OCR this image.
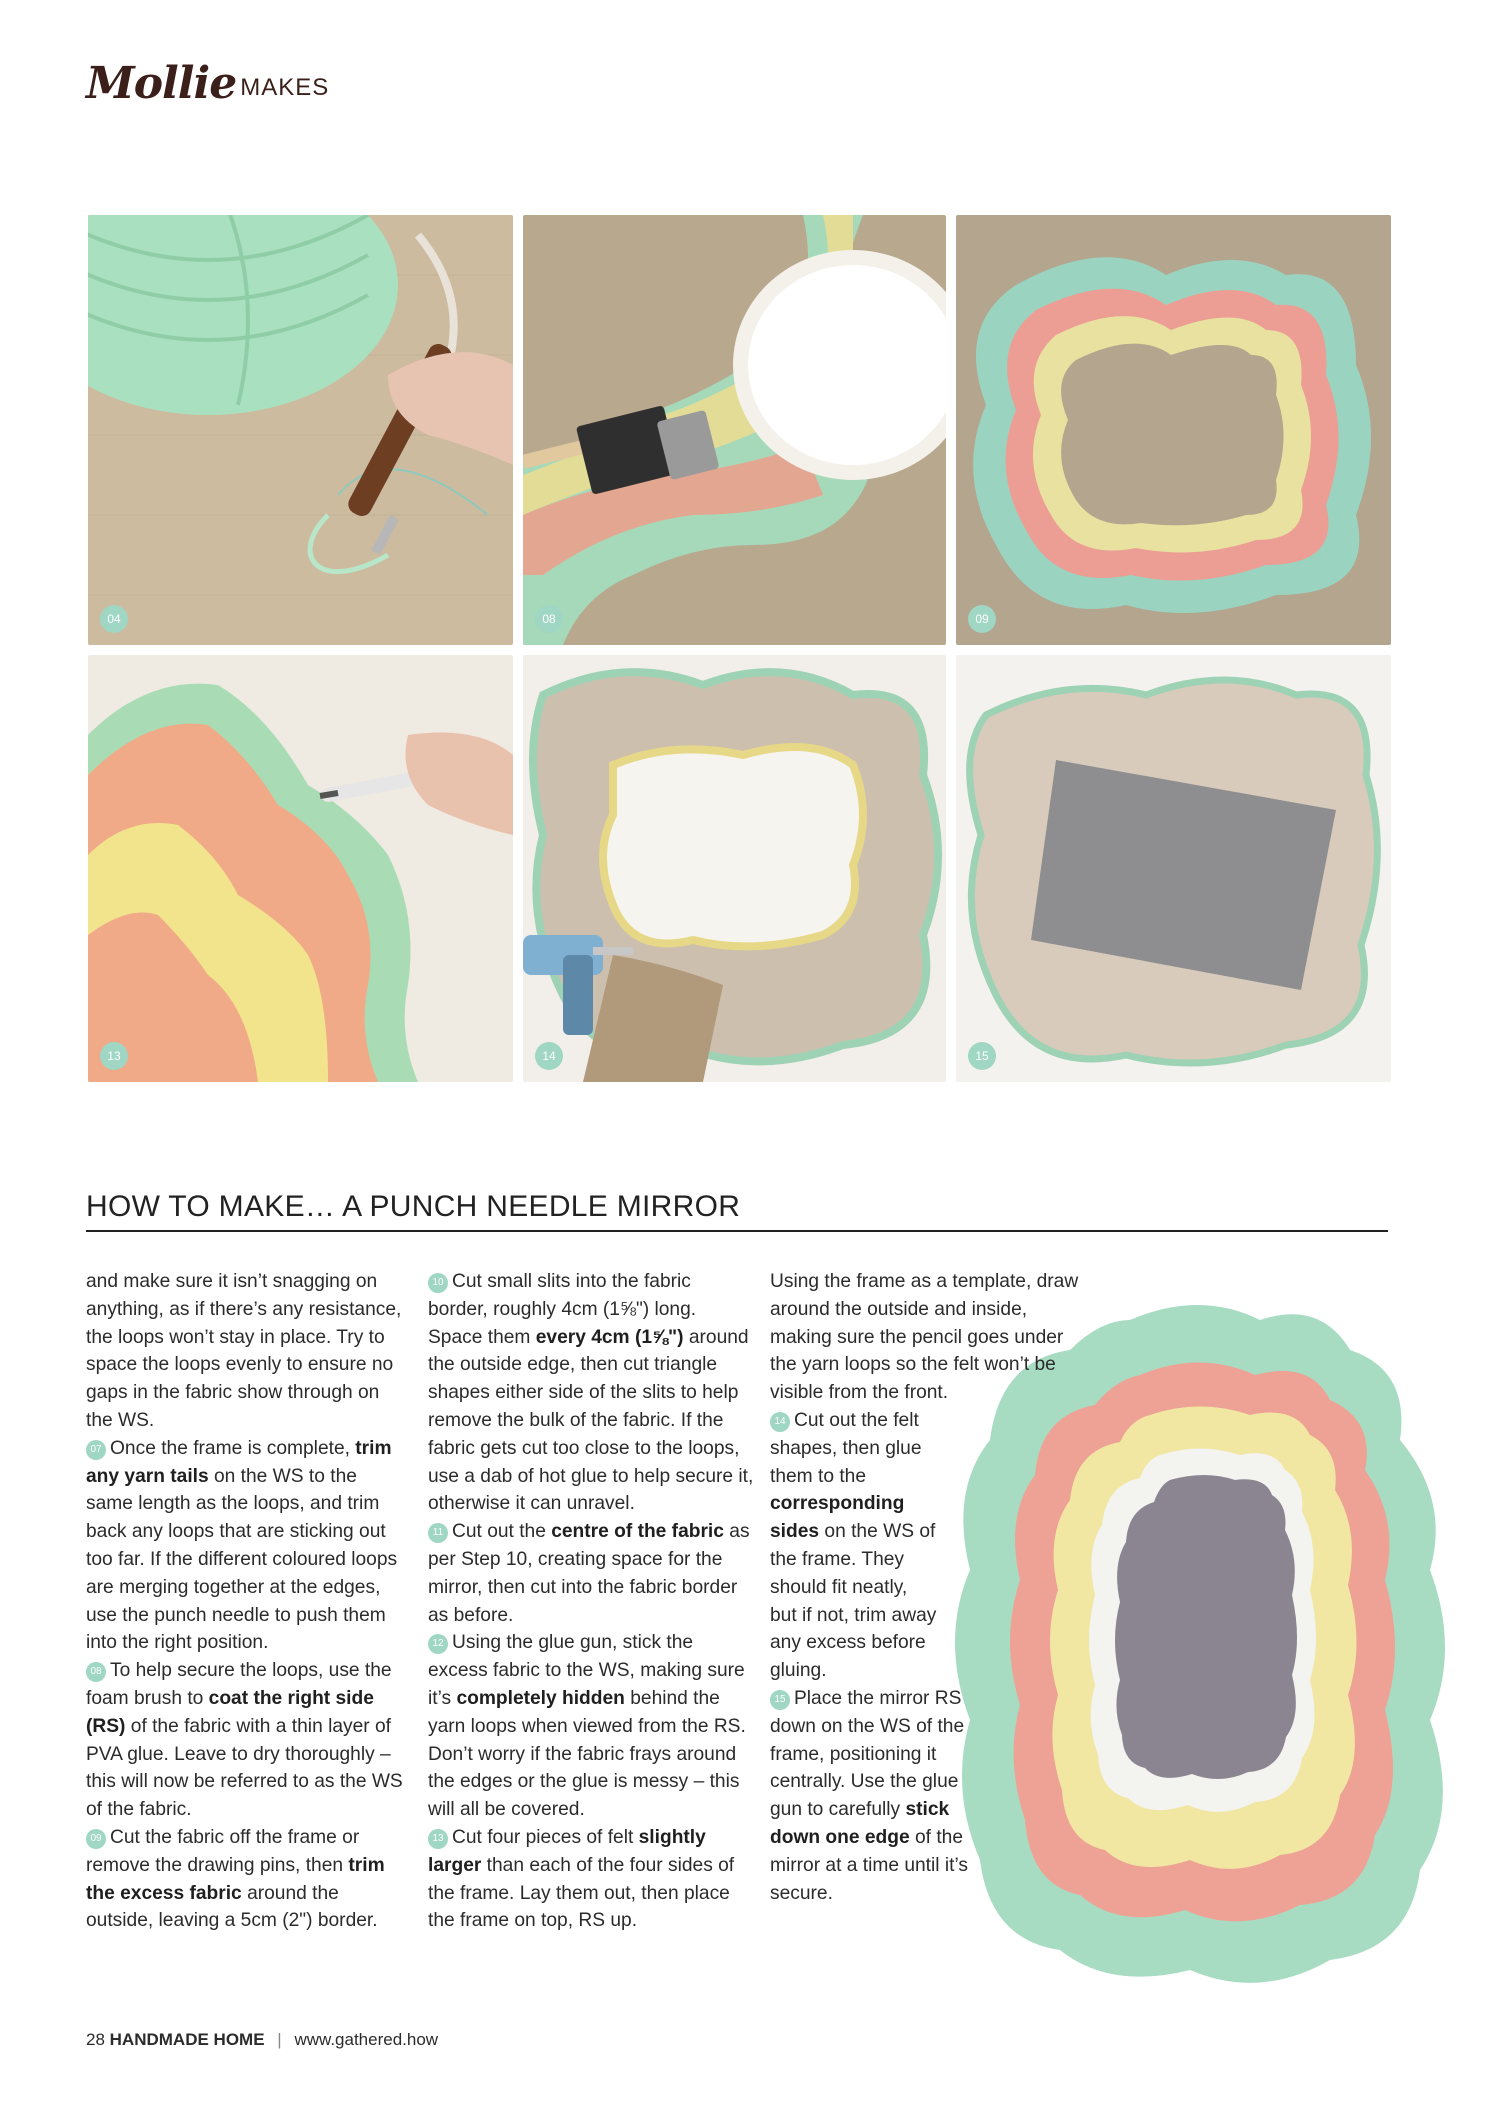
Mollie MAKES
04	08	09
13	14	15
HOW TO MAKE… A PUNCH NEEDLE MIRROR

and make sure it isn’t snagging on anything, as if there’s any resistance, the loops won’t stay in place. Try to space the loops evenly to ensure no gaps in the fabric show through on the WS.

07 Once the frame is complete, trim any yarn tails on the WS to the same length as the loops, and trim back any loops that are sticking out too far. If the different coloured loops are merging together at the edges, use the punch needle to push them into the right position.

08 To help secure the loops, use the foam brush to coat the right side (RS) of the fabric with a thin layer of PVA glue. Leave to dry thoroughly – this will now be referred to as the WS of the fabric.

09 Cut the fabric off the frame or remove the drawing pins, then trim the excess fabric around the outside, leaving a 5cm (2") border.

10 Cut small slits into the fabric border, roughly 4cm (1⅝") long. Space them every 4cm (1⅝") around the outside edge, then cut triangle shapes either side of the slits to help remove the bulk of the fabric. If the fabric gets cut too close to the loops, use a dab of hot glue to help secure it, otherwise it can unravel.

11 Cut out the centre of the fabric as per Step 10, creating space for the mirror, then cut into the fabric border as before.

12 Using the glue gun, stick the excess fabric to the WS, making sure it’s completely hidden behind the yarn loops when viewed from the RS. Don’t worry if the fabric frays around the edges or the glue is messy – this will all be covered.

13 Cut four pieces of felt slightly larger than each of the four sides of the frame. Lay them out, then place the frame on top, RS up.

Using the frame as a template, draw around the outside and inside, making sure the pencil goes under the yarn loops so the felt won’t be visible from the front.

14 Cut out the felt shapes, then glue them to the corresponding sides on the WS of the frame. They should fit neatly, but if not, trim away any excess before gluing.

15 Place the mirror RS down on the WS of the frame, positioning it centrally. Use the glue gun to carefully stick down one edge of the mirror at a time until it’s secure.

28 HANDMADE HOME | www.gathered.how
